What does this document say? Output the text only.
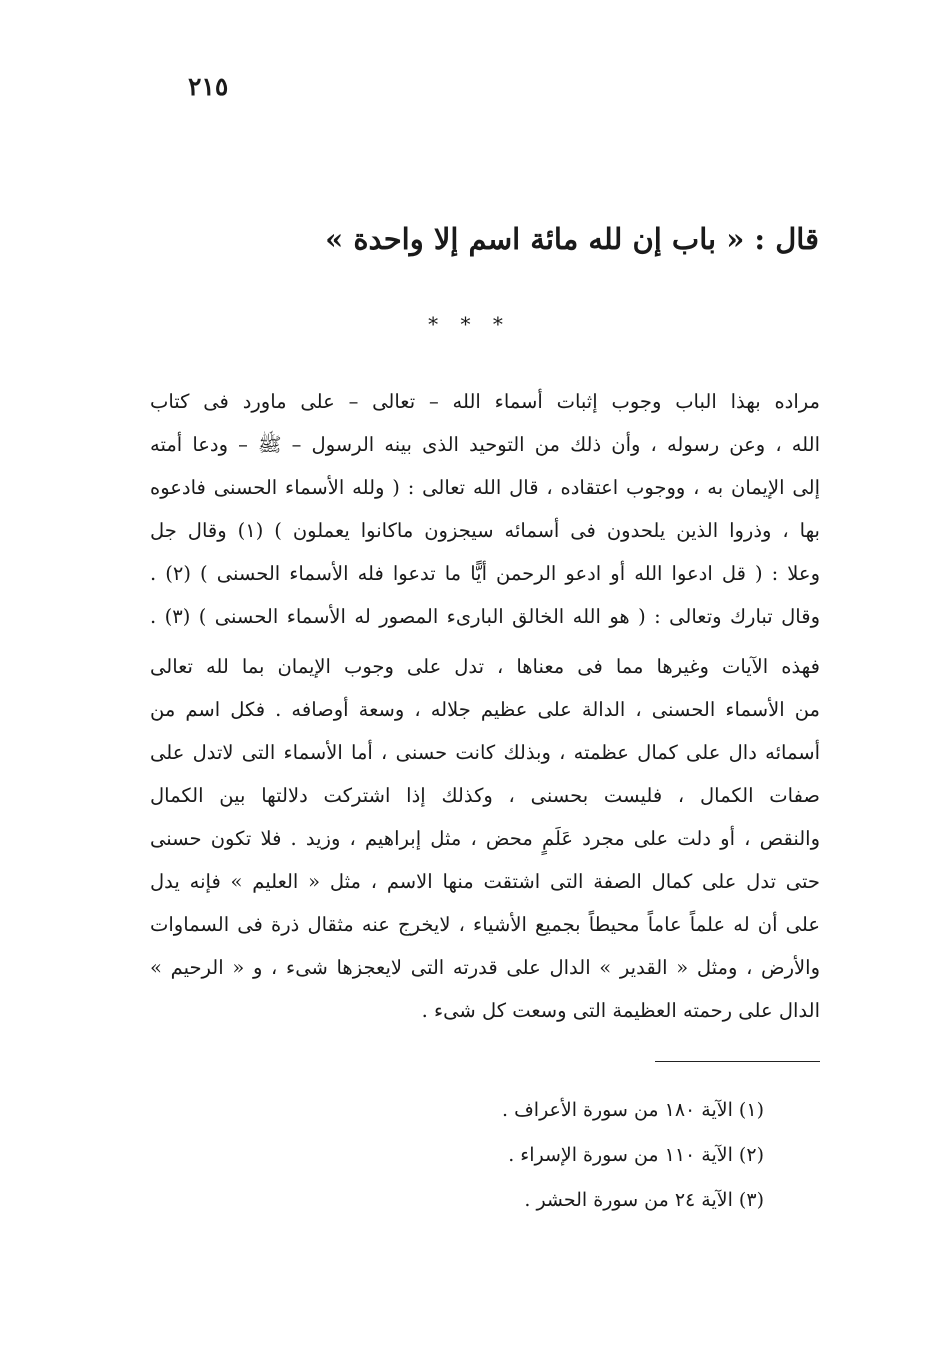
٢١٥
قال : « باب إن لله مائة اسم إلا واحدة »
* * *
مراده بهذا الباب وجوب إثبات أسماء الله – تعالى – على ماورد فى كتاب
الله ، وعن رسوله ، وأن ذلك من التوحيد الذى بينه الرسول – ﷺ – ودعا أمته
إلى الإيمان به ، ووجوب اعتقاده ، قال الله تعالى : ( ولله الأسماء الحسنى فادعوه
بها ، وذروا الذين يلحدون فى أسمائه سيجزون ماكانوا يعملون ) (١) وقال جل
وعلا : ( قل ادعوا الله أو ادعو الرحمن أيًّا ما تدعوا فله الأسماء الحسنى ) (٢) .
وقال تبارك وتعالى : ( هو الله الخالق البارىء المصور له الأسماء الحسنى ) (٣) .
فهذه الآيات وغيرها مما فى معناها ، تدل على وجوب الإيمان بما لله تعالى
من الأسماء الحسنى ، الدالة على عظيم جلاله ، وسعة أوصافه . فكل اسم من
أسمائه دال على كمال عظمته ، وبذلك كانت حسنى ، أما الأسماء التى لاتدل على
صفات الكمال ، فليست بحسنى ، وكذلك إذا اشتركت دلالتها بين الكمال
والنقص ، أو دلت على مجرد عَلَمٍ محض ، مثل إبراهيم ، وزيد . فلا تكون حسنى
حتى تدل على كمال الصفة التى اشتقت منها الاسم ، مثل « العليم » فإنه يدل
على أن له علماً عاماً محيطاً بجميع الأشياء ، لايخرج عنه مثقال ذرة فى السماوات
والأرض ، ومثل « القدير » الدال على قدرته التى لايعجزها شىء ، و « الرحيم »
الدال على رحمته العظيمة التى وسعت كل شىء .
(١) الآية ١٨٠ من سورة الأعراف .
(٢) الآية ١١٠ من سورة الإسراء .
(٣) الآية ٢٤ من سورة الحشر .
